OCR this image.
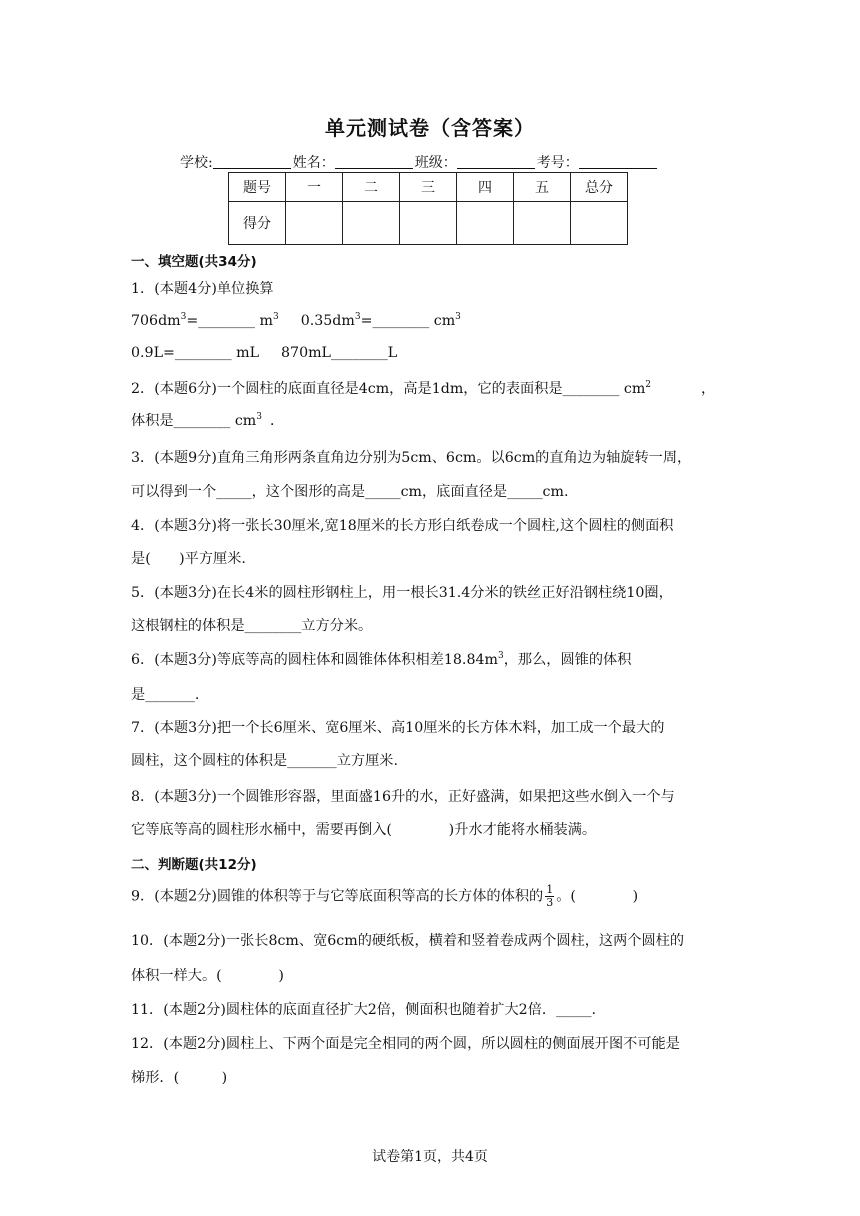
单元测试卷（含答案）
学校:	姓名：	班级：	考号：
题号	一	二	三	四	五	总分
得分						
一、填空题(共34分)
1．(本题4分)单位换算
$706dm^3=\_\_\_\_\_\_\_\_$ $m^3$ $0.35dm^3=\_\_\_\_\_\_\_\_$ $cm^3$
0.9L=________ mL 870mL________L
2．(本题6分)一个圆柱的底面直径是4cm，高是1dm，它的表面积是________ $cm^2$	，
体积是________ $cm^3$ ．
3．(本题9分)直角三角形两条直角边分别为5cm、6cm。以6cm的直角边为轴旋转一周，
可以得到一个_____，这个图形的高是_____cm，底面直径是_____cm.
4．(本题3分)将一张长30厘米,宽18厘米的长方形白纸卷成一个圆柱,这个圆柱的侧面积
是(　　)平方厘米.
5．(本题3分)在长4米的圆柱形钢柱上，用一根长31.4分米的铁丝正好沿钢柱绕10圈，
这根钢柱的体积是________立方分米。
6．(本题3分)等底等高的圆柱体和圆锥体体积相差$18.84m^3$，那么，圆锥的体积
是_______.
7．(本题3分)把一个长6厘米、宽6厘米、高10厘米的长方体木料，加工成一个最大的
圆柱，这个圆柱的体积是_______立方厘米.
8．(本题3分)一个圆锥形容器，里面盛16升的水，正好盛满，如果把这些水倒入一个与
它等底等高的圆柱形水桶中，需要再倒入(　　　　)升水才能将水桶装满。
二、判断题(共12分)
9．(本题2分)圆锥的体积等于与它等底面积等高的长方体的体积的 $\frac{1}{3}$ 。(　　　　)
10．(本题2分)一张长8cm、宽6cm的硬纸板，横着和竖着卷成两个圆柱，这两个圆柱的
体积一样大。(　　　　)
11．(本题2分)圆柱体的底面直径扩大2倍，侧面积也随着扩大2倍．_____.
12．(本题2分)圆柱上、下两个面是完全相同的两个圆，所以圆柱的侧面展开图不可能是
梯形．(　　　)
试卷第1页，共4页
